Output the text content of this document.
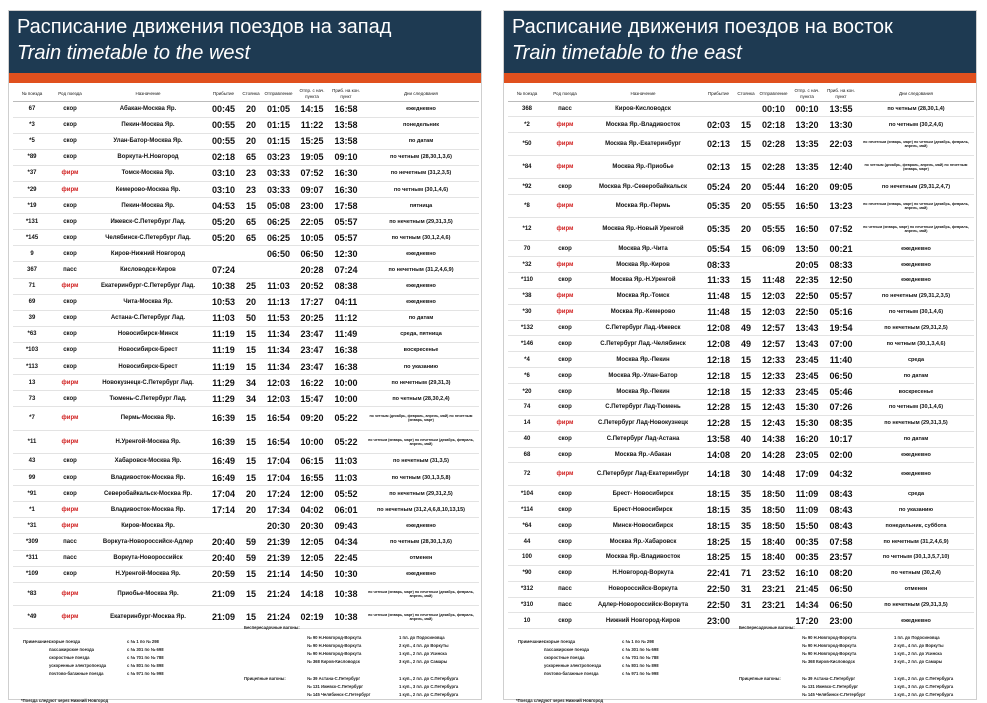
Расписание движения поездов на запад
Train timetable to the west
№ поезда	Род поезда	Назначение	Прибытие	Стоянка	Отправление	Отпр. с нач. пункта	Приб. на кон. пункт	Дни следования
67	скор	Абакан-Москва Яр.	00:45	20	01:05	14:15	16:58	ежедневно
*3	скор	Пекин-Москва Яр.	00:55	20	01:15	11:22	13:58	понедельник
*5	скор	Улан-Батор-Москва Яр.	00:55	20	01:15	15:25	13:58	по датам
*89	скор	Воркута-Н.Новгород	02:18	65	03:23	19:05	09:10	по четным (28,30,1,3,6)
*37	фирм	Томск-Москва Яр.	03:10	23	03:33	07:52	16:30	по нечетным (31,2,3,5)
*29	фирм	Кемерово-Москва Яр.	03:10	23	03:33	09:07	16:30	по четным (30,1,4,6)
*19	скор	Пекин-Москва Яр.	04:53	15	05:08	23:00	17:58	пятница
*131	скор	Ижевск-С.Петербург Лад.	05:20	65	06:25	22:05	05:57	по нечетным (29,31,3,5)
*145	скор	Челябинск-С.Петербург Лад.	05:20	65	06:25	10:05	05:57	по четным (30,1,2,4,6)
9	скор	Киров-Нижний Новгород			06:50	06:50	12:30	ежедневно
367	пасс	Кисловодск-Киров	07:24			20:28	07:24	по нечетным (31,2,4,6,9)
71	фирм	Екатеринбург-С.Петербург Лад.	10:38	25	11:03	20:52	08:38	ежедневно
69	скор	Чита-Москва Яр.	10:53	20	11:13	17:27	04:11	ежедневно
39	скор	Астана-С.Петербург Лад.	11:03	50	11:53	20:25	11:12	по датам
*63	скор	Новосибирск-Минск	11:19	15	11:34	23:47	11:49	среда, пятница
*103	скор	Новосибирск-Брест	11:19	15	11:34	23:47	16:38	воскресенье
*113	скор	Новосибирск-Брест	11:19	15	11:34	23:47	16:38	по указанию
13	фирм	Новокузнецк-С.Петербург Лад.	11:29	34	12:03	16:22	10:00	по нечетным (29,31,3)
73	скор	Тюмень-С.Петербург Лад.	11:29	34	12:03	15:47	10:00	по четным (28,30,2,4)
*7	фирм	Пермь-Москва Яр.	16:39	15	16:54	09:20	05:22	по четным (декабрь, февраль, апрель, май) по нечетным (январь, март)
*11	фирм	Н.Уренгой-Москва Яр.	16:39	15	16:54	10:00	05:22	по четным (январь, март) по нечетным (декабрь, февраль, апрель, май)
43	скор	Хабаровск-Москва Яр.	16:49	15	17:04	06:15	11:03	по нечетным (31,3,5)
99	скор	Владивосток-Москва Яр.	16:49	15	17:04	16:55	11:03	по четным (30,1,3,5,8)
*91	скор	Северобайкальск-Москва Яр.	17:04	20	17:24	12:00	05:52	по нечетным (29,31,2,5)
*1	фирм	Владивосток-Москва Яр.	17:14	20	17:34	04:02	06:01	по нечетным (31,2,4,6,8,10,13,15)
*31	фирм	Киров-Москва Яр.			20:30	20:30	09:43	ежедневно
*309	пасс	Воркута-Новороссийск-Адлер	20:40	59	21:39	12:05	04:34	по четным (28,30,1,3,6)
*311	пасс	Воркута-Новороссийск	20:40	59	21:39	12:05	22:45	отменен
*109	скор	Н.Уренгой-Москва Яр.	20:59	15	21:14	14:50	10:30	ежедневно
*83	фирм	Приобье-Москва Яр.	21:09	15	21:24	14:18	10:38	по четным (январь, март) по нечетным (декабрь, февраль, апрель, май)
*49	фирм	Екатеринбург-Москва Яр.	21:09	15	21:24	02:19	10:38	по четным (январь, март) по нечетным (декабрь, февраль, апрель, май)
Примечание:
скорые поезда	с № 1 по № 298
пассажирские поезда	с № 301 по № 698
скоростные поезда	с № 701 по № 788
ускоренные электропоезда	с № 801 по № 898
почтово-багажные поезда	с № 971 по № 998
Беспересадочные вагоны:
№ 90 Н.Новгород-Воркута	1 пл. до Подосиновца
№ 90 Н.Новгород-Воркута	2 куп., 4 пл. до Воркуты
№ 90 Н.Новгород-Воркута	1 куп., 2 пл. до Усинска
№ 368 Киров-Кисловодск	3 куп., 2 пл. до Самары
Прицепные вагоны:	№ 39 Астана-С.Петербург	1 куп., 2 пл. до С.Петербурга
№ 131 Ижевск-С.Петербург	1 куп., 3 пл. до С.Петербурга
№ 145 Челябинск-С.Петербург	1 куп., 2 пл. до С.Петербурга
*Поезда следуют через Нижний Новгород
Расписание движения поездов на восток
Train timetable to the east
№ поезда	Род поезда	Назначение	Прибытие	Стоянка	Отправление	Отпр. с нач. пункта	Приб. на кон. пункт	Дни следования
368	пасс	Киров-Кисловодск			00:10	00:10	13:55	по четным (28,30,1,4)
*2	фирм	Москва Яр.-Владивосток	02:03	15	02:18	13:20	13:30	по четным (30,2,4,6)
*50	фирм	Москва Яр.-Екатеринбург	02:13	15	02:28	13:35	22:03	по нечетным (январь, март) по четным (декабрь, февраль, апрель, май)
*84	фирм	Москва Яр.-Приобье	02:13	15	02:28	13:35	12:40	по четным (декабрь, февраль, апрель, май) по нечетным (январь, март)
*92	скор	Москва Яр.-Северобайкальск	05:24	20	05:44	16:20	09:05	по нечетным (29,31,2,4,7)
*8	фирм	Москва Яр.-Пермь	05:35	20	05:55	16:50	13:23	по нечетным (январь, март) по четным (декабрь, февраль, апрель, май)
*12	фирм	Москва Яр.-Новый Уренгой	05:35	20	05:55	16:50	07:52	по четным (январь, март) по нечетным (декабрь, февраль, апрель, май)
70	скор	Москва Яр.-Чита	05:54	15	06:09	13:50	00:21	ежедневно
*32	фирм	Москва Яр.-Киров	08:33			20:05	08:33	ежедневно
*110	скор	Москва Яр.-Н.Уренгой	11:33	15	11:48	22:35	12:50	ежедневно
*38	фирм	Москва Яр.-Томск	11:48	15	12:03	22:50	05:57	по нечетным (29,31,2,3,5)
*30	фирм	Москва Яр.-Кемерово	11:48	15	12:03	22:50	05:16	по четным (30,1,4,6)
*132	скор	С.Петербург Лад.-Ижевск	12:08	49	12:57	13:43	19:54	по нечетным (29,31,2,5)
*146	скор	С.Петербург Лад.-Челябинск	12:08	49	12:57	13:43	07:00	по четным (30,1,3,4,6)
*4	скор	Москва Яр.-Пекин	12:18	15	12:33	23:45	11:40	среда
*6	скор	Москва Яр.-Улан-Батор	12:18	15	12:33	23:45	06:50	по датам
*20	скор	Москва Яр.-Пекин	12:18	15	12:33	23:45	05:46	воскресенье
74	скор	С.Петербург Лад-Тюмень	12:28	15	12:43	15:30	07:26	по четным (30,1,4,6)
14	фирм	С.Петербург Лад-Новокузнецк	12:28	15	12:43	15:30	08:35	по нечетным (29,31,3,5)
40	скор	С.Петербург Лад-Астана	13:58	40	14:38	16:20	10:17	по датам
68	скор	Москва Яр.-Абакан	14:08	20	14:28	23:05	02:00	ежедневно
72	фирм	С.Петербург Лад-Екатеринбург	14:18	30	14:48	17:09	04:32	ежедневно
*104	скор	Брест- Новосибирск	18:15	35	18:50	11:09	08:43	среда
*114	скор	Брест-Новосибирск	18:15	35	18:50	11:09	08:43	по указанию
*64	скор	Минск-Новосибирск	18:15	35	18:50	15:50	08:43	понедельник, суббота
44	скор	Москва Яр.-Хабаровск	18:25	15	18:40	00:35	07:58	по нечетным (31,2,4,6,9)
100	скор	Москва Яр.-Владивосток	18:25	15	18:40	00:35	23:57	по четным (30,1,3,5,7,10)
*90	скор	Н.Новгород-Воркута	22:41	71	23:52	16:10	08:20	по четным (30,2,4)
*312	пасс	Новороссийск-Воркута	22:50	31	23:21	21:45	06:50	отменен
*310	пасс	Адлер-Новороссийск-Воркута	22:50	31	23:21	14:34	06:50	по нечетным (29,31,3,5)
10	скор	Нижний Новгород-Киров	23:00			17:20	23:00	ежедневно
Примечание:
скорые поезда	с № 1 по № 298
пассажирские поезда	с № 301 по № 698
скоростные поезда	с № 701 по № 788
ускоренные электропоезда	с № 801 по № 898
почтово-багажные поезда	с № 971 по № 998
Беспересадочные вагоны:
№ 90 Н.Новгород-Воркута	1 пл. до Подосиновца
№ 90 Н.Новгород-Воркута	2 куп., 4 пл. до Воркуты
№ 90 Н.Новгород-Воркута	1 куп., 2 пл. до Усинска
№ 368 Киров-Кисловодск	3 куп., 2 пл. до Самары
Прицепные вагоны:	№ 39 Астана-С.Петербург	1 куп., 2 пл. до С.Петербурга
№ 131 Ижевск-С.Петербург	1 куп., 3 пл. до С.Петербурга
№ 145 Челябинск-С.Петербург	1 куп., 2 пл. до С.Петербурга
*Поезда следуют через Нижний Новгород
